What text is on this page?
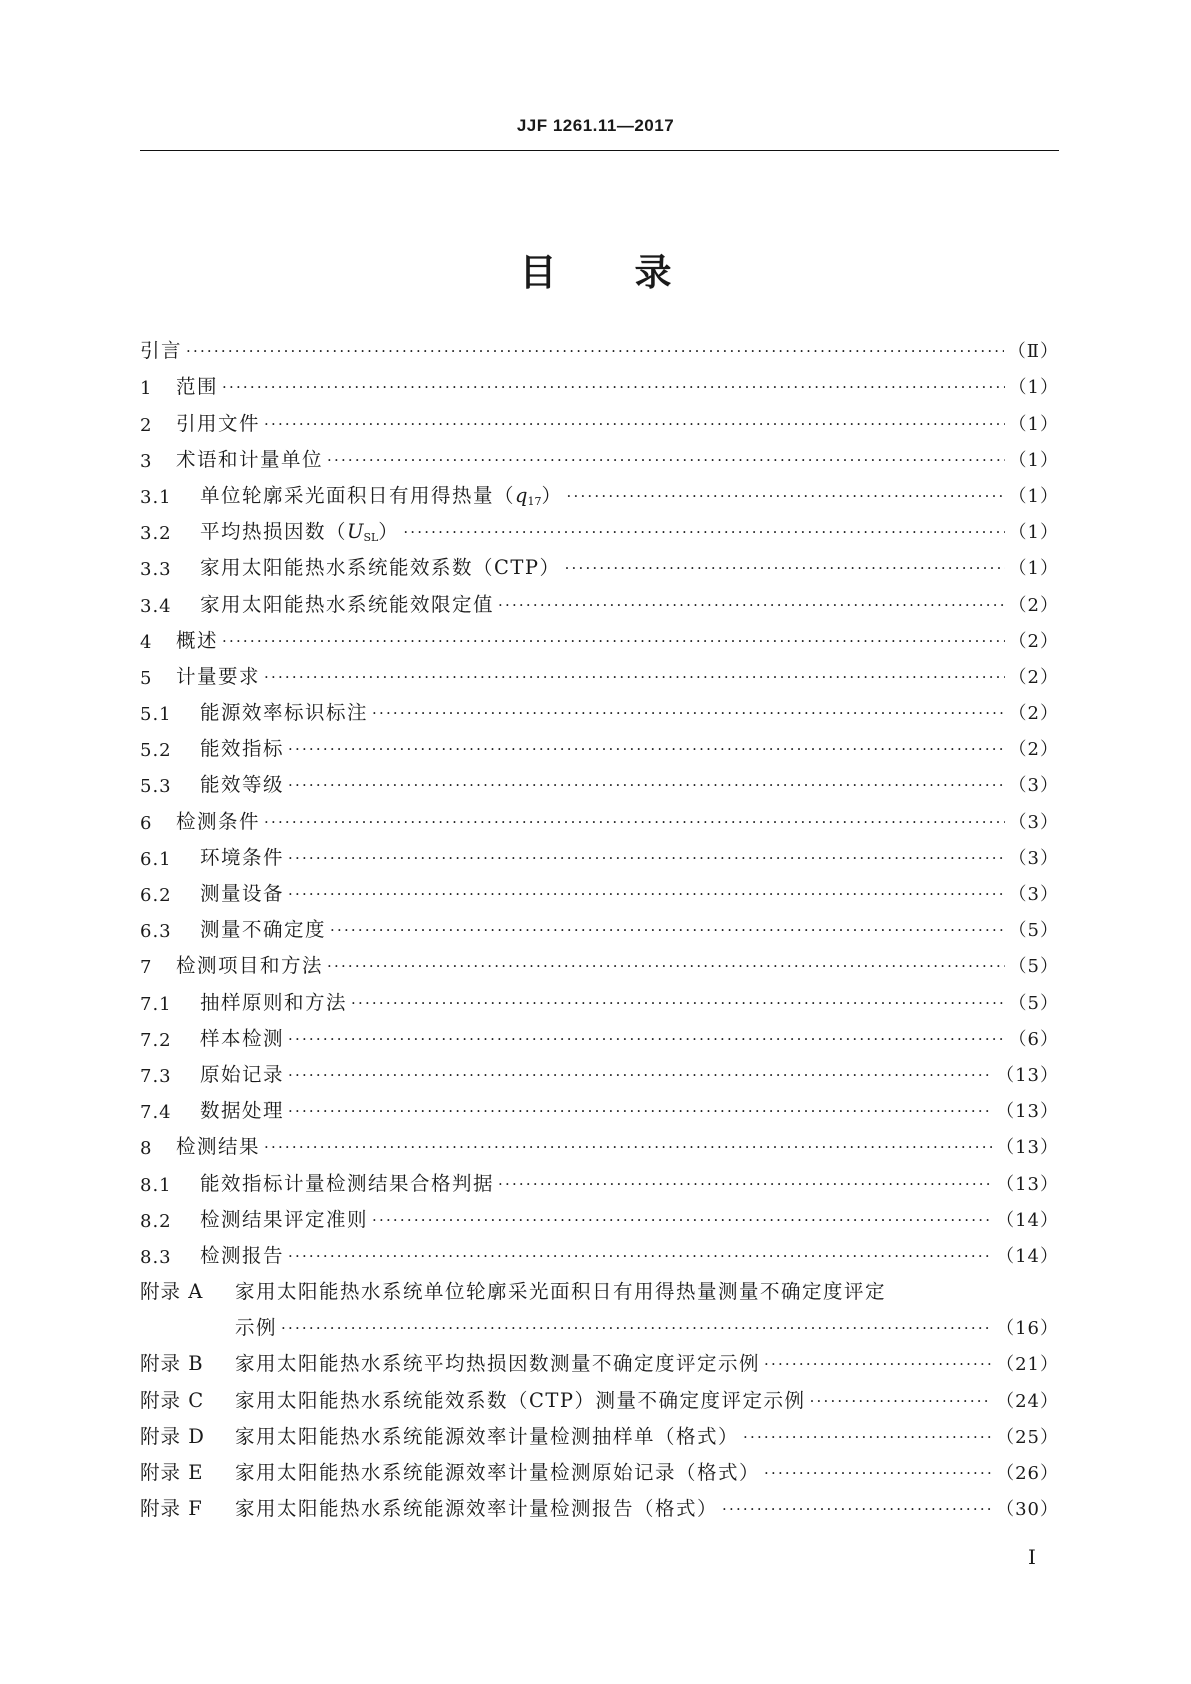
JJF 1261.11—2017
目 录
引言 ·····	（Ⅱ）
1	范围 ·····	（1）
2	引用文件 ·····	（1）
3	术语和计量单位 ·····	（1）
3.1	单位轮廓采光面积日有用得热量$(q_{17})$ ·····	（1）
3.2	平均热损因数$(U_{SL})$ ·····	（1）
3.3	家用太阳能热水系统能效系数（CTP） ·····	（1）
3.4	家用太阳能热水系统能效限定值 ·····	（2）
4	概述 ·····	（2）
5	计量要求 ·····	（2）
5.1	能源效率标识标注 ·····	（2）
5.2	能效指标 ·····	（2）
5.3	能效等级 ·····	（3）
6	检测条件 ·····	（3）
6.1	环境条件 ·····	（3）
6.2	测量设备 ·····	（3）
6.3	测量不确定度 ·····	（5）
7	检测项目和方法 ·····	（5）
7.1	抽样原则和方法 ·····	（5）
7.2	样本检测 ·····	（6）
7.3	原始记录 ·····	（13）
7.4	数据处理 ·····	（13）
8	检测结果 ·····	（13）
8.1	能效指标计量检测结果合格判据 ·····	（13）
8.2	检测结果评定准则 ·····	（14）
8.3	检测报告 ·····	（14）
附录 A	家用太阳能热水系统单位轮廓采光面积日有用得热量测量不确定度评定
示例 ·····	（16）
附录 B	家用太阳能热水系统平均热损因数测量不确定度评定示例 ·····	（21）
附录 C	家用太阳能热水系统能效系数（CTP）测量不确定度评定示例 ·····	（24）
附录 D	家用太阳能热水系统能源效率计量检测抽样单（格式） ·····	（25）
附录 E	家用太阳能热水系统能源效率计量检测原始记录（格式） ·····	（26）
附录 F	家用太阳能热水系统能源效率计量检测报告（格式） ·····	（30）
Ⅰ
